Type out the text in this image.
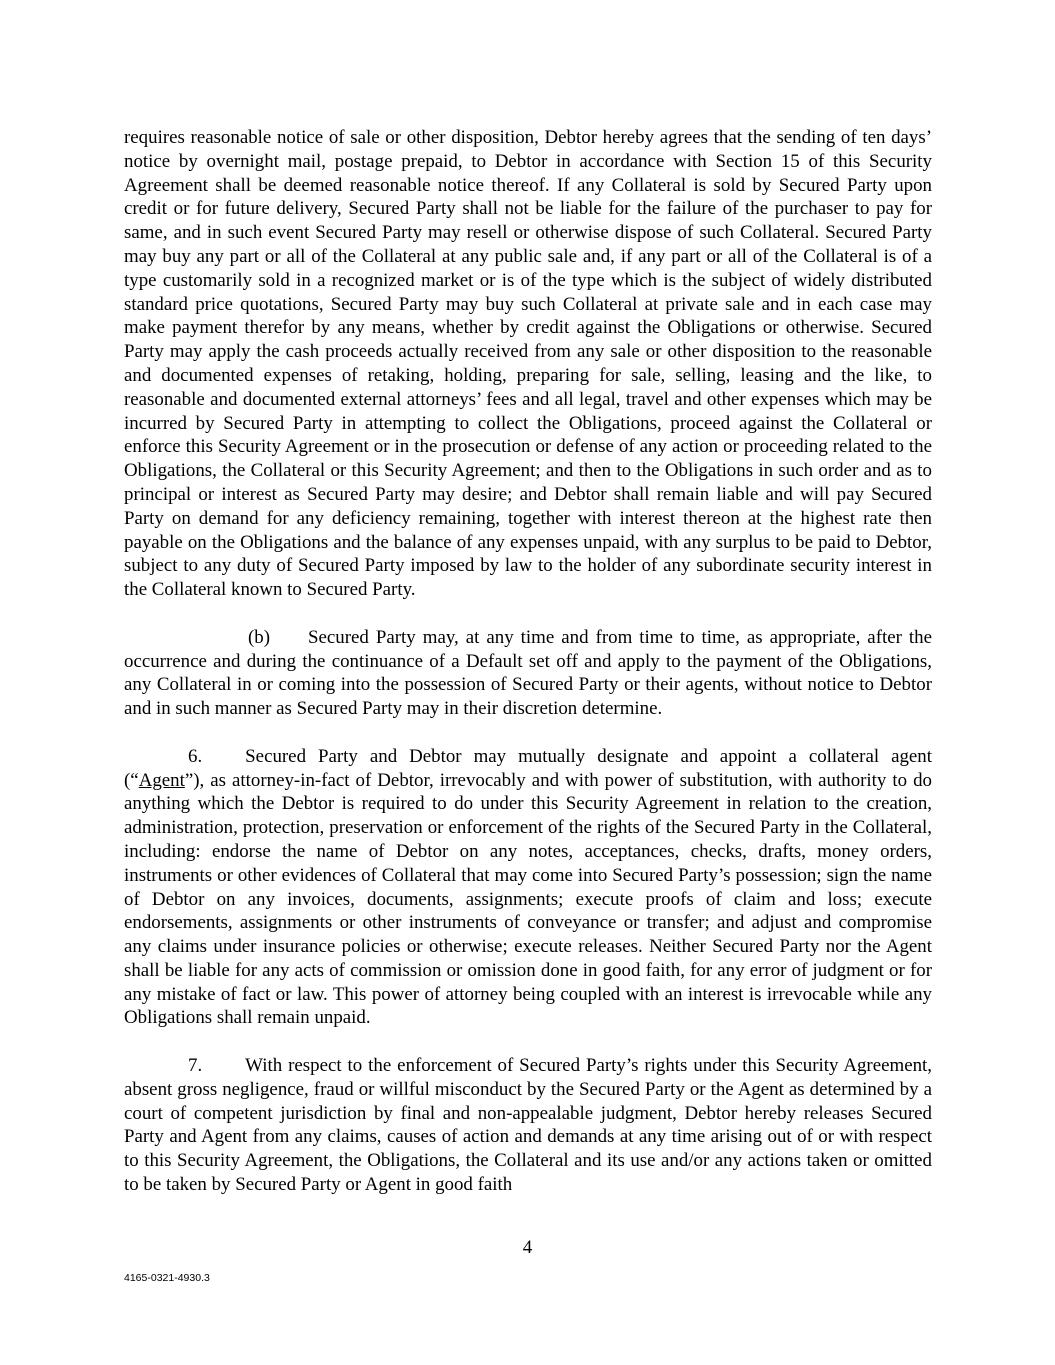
requires reasonable notice of sale or other disposition, Debtor hereby agrees that the sending of ten days’ notice by overnight mail, postage prepaid, to Debtor in accordance with Section 15 of this Security Agreement shall be deemed reasonable notice thereof. If any Collateral is sold by Secured Party upon credit or for future delivery, Secured Party shall not be liable for the failure of the purchaser to pay for same, and in such event Secured Party may resell or otherwise dispose of such Collateral. Secured Party may buy any part or all of the Collateral at any public sale and, if any part or all of the Collateral is of a type customarily sold in a recognized market or is of the type which is the subject of widely distributed standard price quotations, Secured Party may buy such Collateral at private sale and in each case may make payment therefor by any means, whether by credit against the Obligations or otherwise. Secured Party may apply the cash proceeds actually received from any sale or other disposition to the reasonable and documented expenses of retaking, holding, preparing for sale, selling, leasing and the like, to reasonable and documented external attorneys’ fees and all legal, travel and other expenses which may be incurred by Secured Party in attempting to collect the Obligations, proceed against the Collateral or enforce this Security Agreement or in the prosecution or defense of any action or proceeding related to the Obligations, the Collateral or this Security Agreement; and then to the Obligations in such order and as to principal or interest as Secured Party may desire; and Debtor shall remain liable and will pay Secured Party on demand for any deficiency remaining, together with interest thereon at the highest rate then payable on the Obligations and the balance of any expenses unpaid, with any surplus to be paid to Debtor, subject to any duty of Secured Party imposed by law to the holder of any subordinate security interest in the Collateral known to Secured Party.

(b) Secured Party may, at any time and from time to time, as appropriate, after the occurrence and during the continuance of a Default set off and apply to the payment of the Obligations, any Collateral in or coming into the possession of Secured Party or their agents, without notice to Debtor and in such manner as Secured Party may in their discretion determine.

6. Secured Party and Debtor may mutually designate and appoint a collateral agent (“Agent”), as attorney-in-fact of Debtor, irrevocably and with power of substitution, with authority to do anything which the Debtor is required to do under this Security Agreement in relation to the creation, administration, protection, preservation or enforcement of the rights of the Secured Party in the Collateral, including: endorse the name of Debtor on any notes, acceptances, checks, drafts, money orders, instruments or other evidences of Collateral that may come into Secured Party’s possession; sign the name of Debtor on any invoices, documents, assignments; execute proofs of claim and loss; execute endorsements, assignments or other instruments of conveyance or transfer; and adjust and compromise any claims under insurance policies or otherwise; execute releases. Neither Secured Party nor the Agent shall be liable for any acts of commission or omission done in good faith, for any error of judgment or for any mistake of fact or law. This power of attorney being coupled with an interest is irrevocable while any Obligations shall remain unpaid.

7. With respect to the enforcement of Secured Party’s rights under this Security Agreement, absent gross negligence, fraud or willful misconduct by the Secured Party or the Agent as determined by a court of competent jurisdiction by final and non-appealable judgment, Debtor hereby releases Secured Party and Agent from any claims, causes of action and demands at any time arising out of or with respect to this Security Agreement, the Obligations, the Collateral and its use and/or any actions taken or omitted to be taken by Secured Party or Agent in good faith

4
4165-0321-4930.3
